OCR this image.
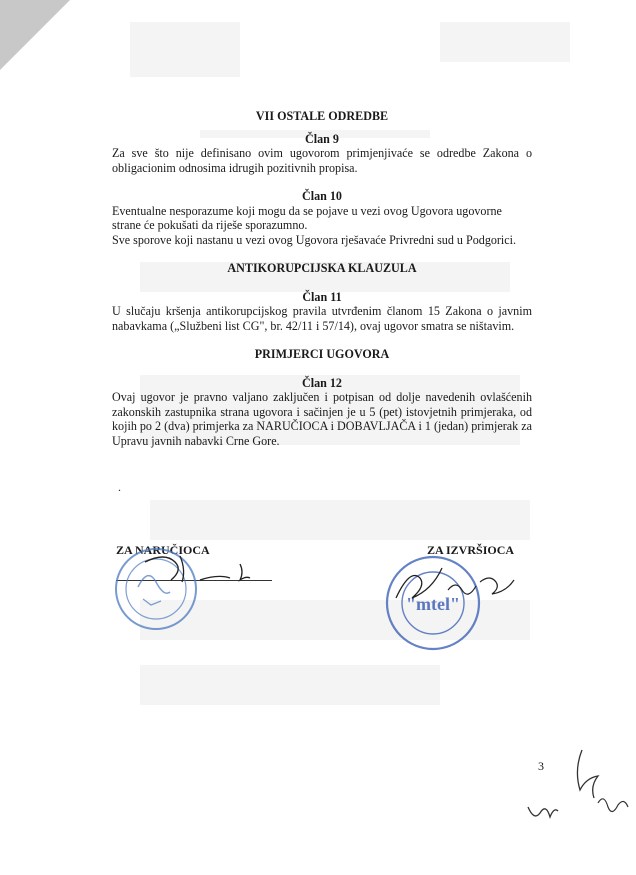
VII OSTALE ODREDBE
Član 9

Za sve što nije definisano ovim ugovorom primjenjivaće se odredbe Zakona o obligacionim odnosima idrugih pozitivnih propisa.

Član 10

Eventualne nesporazume koji mogu da se pojave u vezi ovog Ugovora ugovorne strane će pokušati da riješe sporazumno.

Sve sporove koji nastanu u vezi ovog Ugovora rješavaće Privredni sud u Podgorici.

ANTIKORUPCIJSKA KLAUZULA
Član 11

U slučaju kršenja antikorupcijskog pravila utvrđenim članom 15 Zakona o javnim nabavkama („Službeni list CG", br. 42/11 i 57/14), ovaj ugovor smatra se ništavim.

PRIMJERCI UGOVORA
Član 12

Ovaj ugovor je pravno valjano zaključen i potpisan od dolje navedenih ovlašćenih zakonskih zastupnika strana ugovora i sačinjen je u 5 (pet) istovjetnih primjeraka, od kojih po 2 (dva) primjerka za NARUČIOCA i DOBAVLJAČA i 1 (jedan) primjerak za Upravu javnih nabavki Crne Gore.

.
ZA NARUČIOCA	ZA IZVRŠIOCA
"mtel"
3
